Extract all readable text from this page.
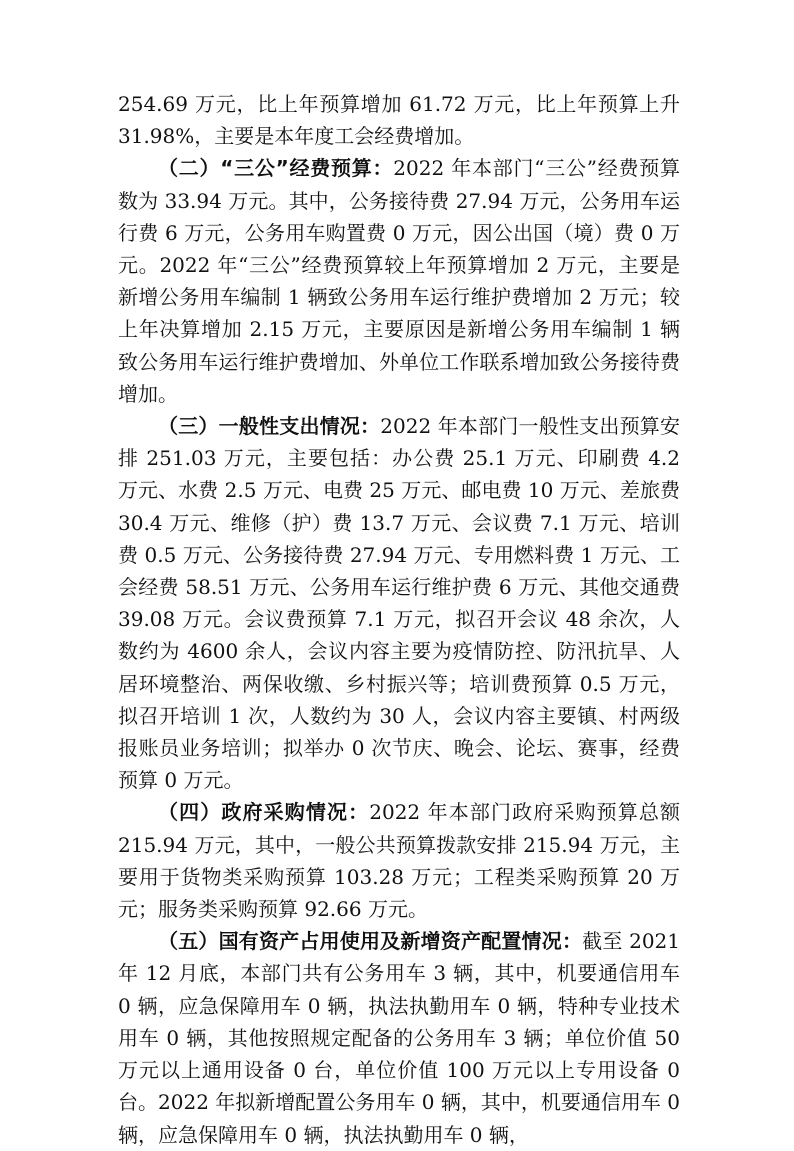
254.69 万元，比上年预算增加 61.72 万元，比上年预算上升 31.98%，主要是本年度工会经费增加。

（二）“三公”经费预算：2022 年本部门“三公”经费预算数为 33.94 万元。其中，公务接待费 27.94 万元，公务用车运行费 6 万元，公务用车购置费 0 万元，因公出国（境）费 0 万元。2022 年“三公”经费预算较上年预算增加 2 万元，主要是新增公务用车编制 1 辆致公务用车运行维护费增加 2 万元；较上年决算增加 2.15 万元，主要原因是新增公务用车编制 1 辆致公务用车运行维护费增加、外单位工作联系增加致公务接待费增加。

（三）一般性支出情况：2022 年本部门一般性支出预算安排 251.03 万元，主要包括：办公费 25.1 万元、印刷费 4.2 万元、水费 2.5 万元、电费 25 万元、邮电费 10 万元、差旅费 30.4 万元、维修（护）费 13.7 万元、会议费 7.1 万元、培训费 0.5 万元、公务接待费 27.94 万元、专用燃料费 1 万元、工会经费 58.51 万元、公务用车运行维护费 6 万元、其他交通费 39.08 万元。会议费预算 7.1 万元，拟召开会议 48 余次，人数约为 4600 余人，会议内容主要为疫情防控、防汛抗旱、人居环境整治、两保收缴、乡村振兴等；培训费预算 0.5 万元，拟召开培训 1 次，人数约为 30 人，会议内容主要镇、村两级报账员业务培训；拟举办 0 次节庆、晚会、论坛、赛事，经费预算 0 万元。

（四）政府采购情况：2022 年本部门政府采购预算总额 215.94 万元，其中，一般公共预算拨款安排 215.94 万元，主要用于货物类采购预算 103.28 万元；工程类采购预算 20 万元；服务类采购预算 92.66 万元。

（五）国有资产占用使用及新增资产配置情况：截至 2021 年 12 月底，本部门共有公务用车 3 辆，其中，机要通信用车 0 辆，应急保障用车 0 辆，执法执勤用车 0 辆，特种专业技术用车 0 辆，其他按照规定配备的公务用车 3 辆；单位价值 50 万元以上通用设备 0 台，单位价值 100 万元以上专用设备 0 台。2022 年拟新增配置公务用车 0 辆，其中，机要通信用车 0 辆，应急保障用车 0 辆，执法执勤用车 0 辆，
